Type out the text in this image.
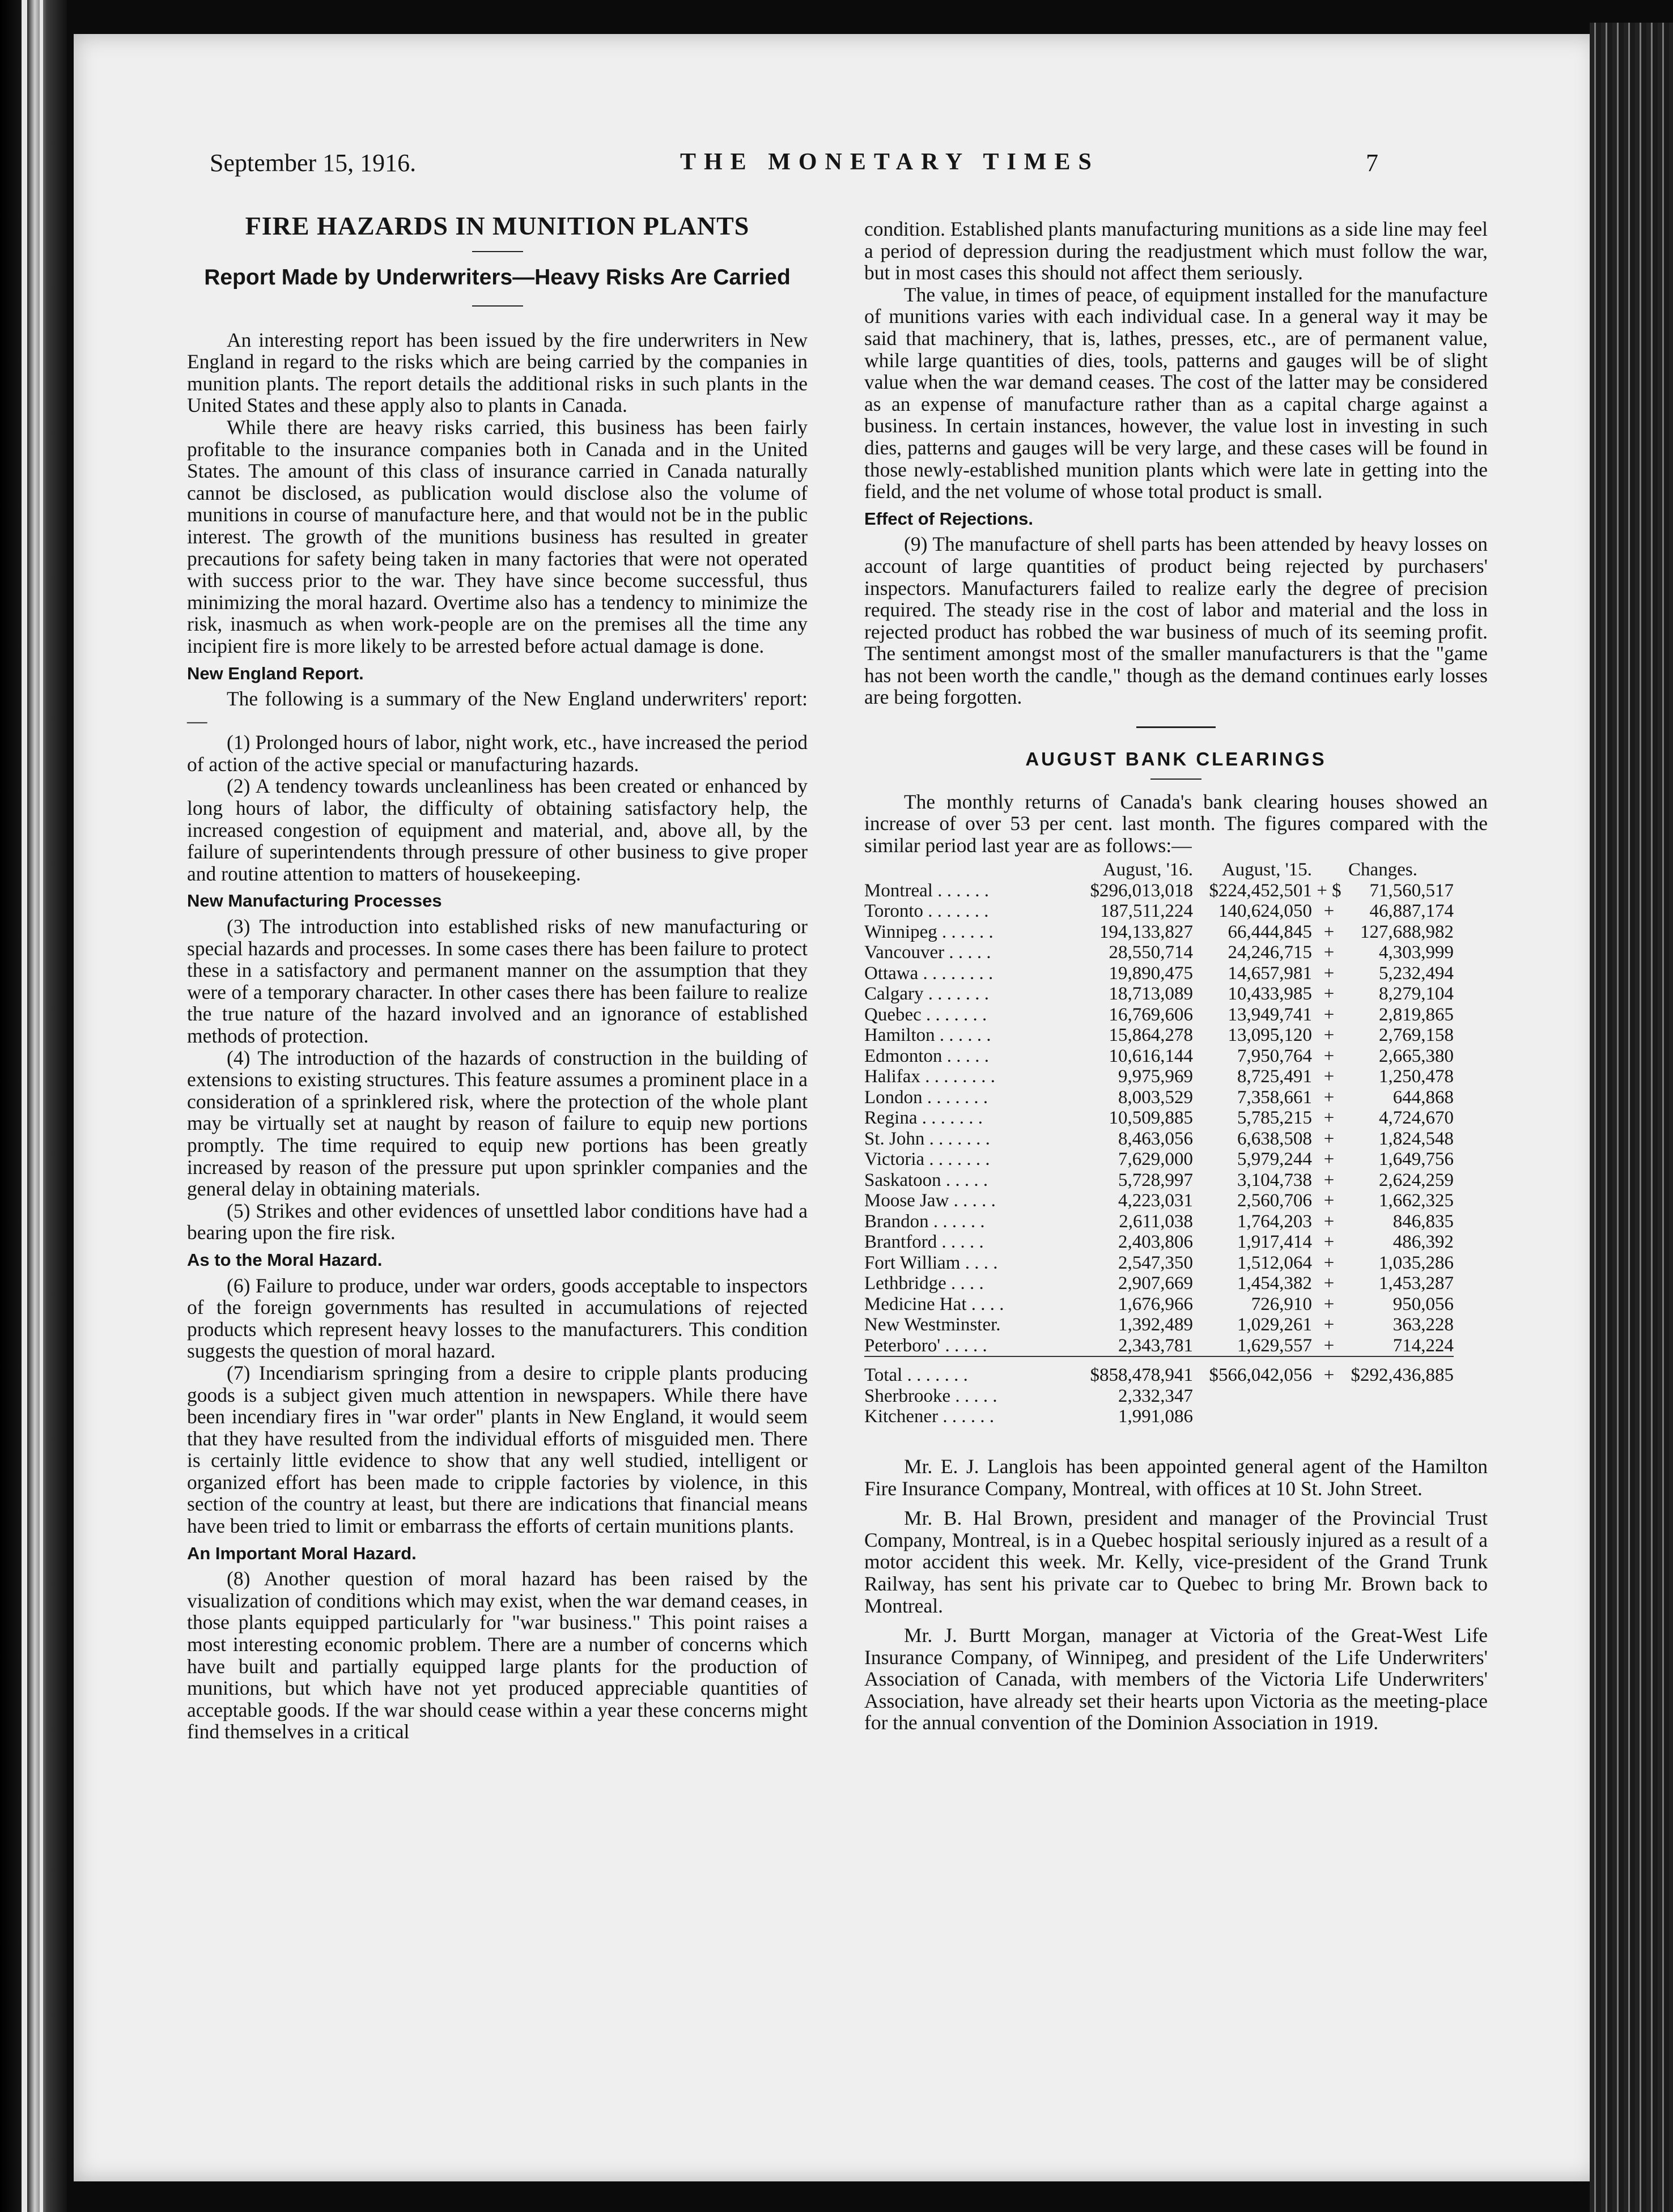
September 15, 1916.	THE MONETARY TIMES	7
FIRE HAZARDS IN MUNITION PLANTS
Report Made by Underwriters—Heavy Risks Are Carried

An interesting report has been issued by the fire underwriters in New England in regard to the risks which are being carried by the companies in munition plants. The report details the additional risks in such plants in the United States and these apply also to plants in Canada.

While there are heavy risks carried, this business has been fairly profitable to the insurance companies both in Canada and in the United States. The amount of this class of insurance carried in Canada naturally cannot be disclosed, as publication would disclose also the volume of munitions in course of manufacture here, and that would not be in the public interest. The growth of the munitions business has resulted in greater precautions for safety being taken in many factories that were not operated with success prior to the war. They have since become successful, thus minimizing the moral hazard. Overtime also has a tendency to minimize the risk, inasmuch as when work-people are on the premises all the time any incipient fire is more likely to be arrested before actual damage is done.

New England Report.

The following is a summary of the New England underwriters' report:—

(1) Prolonged hours of labor, night work, etc., have increased the period of action of the active special or manufacturing hazards.

(2) A tendency towards uncleanliness has been created or enhanced by long hours of labor, the difficulty of obtaining satisfactory help, the increased congestion of equipment and material, and, above all, by the failure of superintendents through pressure of other business to give proper and routine attention to matters of housekeeping.

New Manufacturing Processes

(3) The introduction into established risks of new manufacturing or special hazards and processes. In some cases there has been failure to protect these in a satisfactory and permanent manner on the assumption that they were of a temporary character. In other cases there has been failure to realize the true nature of the hazard involved and an ignorance of established methods of protection.

(4) The introduction of the hazards of construction in the building of extensions to existing structures. This feature assumes a prominent place in a consideration of a sprinklered risk, where the protection of the whole plant may be virtually set at naught by reason of failure to equip new portions promptly. The time required to equip new portions has been greatly increased by reason of the pressure put upon sprinkler companies and the general delay in obtaining materials.

(5) Strikes and other evidences of unsettled labor conditions have had a bearing upon the fire risk.

As to the Moral Hazard.

(6) Failure to produce, under war orders, goods acceptable to inspectors of the foreign governments has resulted in accumulations of rejected products which represent heavy losses to the manufacturers. This condition suggests the question of moral hazard.

(7) Incendiarism springing from a desire to cripple plants producing goods is a subject given much attention in newspapers. While there have been incendiary fires in "war order" plants in New England, it would seem that they have resulted from the individual efforts of misguided men. There is certainly little evidence to show that any well studied, intelligent or organized effort has been made to cripple factories by violence, in this section of the country at least, but there are indications that financial means have been tried to limit or embarrass the efforts of certain munitions plants.

An Important Moral Hazard.

(8) Another question of moral hazard has been raised by the visualization of conditions which may exist, when the war demand ceases, in those plants equipped particularly for "war business." This point raises a most interesting economic problem. There are a number of concerns which have built and partially equipped large plants for the production of munitions, but which have not yet produced appreciable quantities of acceptable goods. If the war should cease within a year these concerns might find themselves in a critical

condition. Established plants manufacturing munitions as a side line may feel a period of depression during the readjustment which must follow the war, but in most cases this should not affect them seriously.

The value, in times of peace, of equipment installed for the manufacture of munitions varies with each individual case. In a general way it may be said that machinery, that is, lathes, presses, etc., are of permanent value, while large quantities of dies, tools, patterns and gauges will be of slight value when the war demand ceases. The cost of the latter may be considered as an expense of manufacture rather than as a capital charge against a business. In certain instances, however, the value lost in investing in such dies, patterns and gauges will be very large, and these cases will be found in those newly-established munition plants which were late in getting into the field, and the net volume of whose total product is small.

Effect of Rejections.

(9) The manufacture of shell parts has been attended by heavy losses on account of large quantities of product being rejected by purchasers' inspectors. Manufacturers failed to realize early the degree of precision required. The steady rise in the cost of labor and material and the loss in rejected product has robbed the war business of much of its seeming profit. The sentiment amongst most of the smaller manufacturers is that the "game has not been worth the candle," though as the demand continues early losses are being forgotten.

AUGUST BANK CLEARINGS

The monthly returns of Canada's bank clearing houses showed an increase of over 53 per cent. last month. The figures compared with the similar period last year are as follows:—

	August, '16.	August, '15.	Changes.	
Montreal . . . . . .	$296,013,018	$224,452,501	+ $	71,560,517
Toronto . . . . . . .	187,511,224	140,624,050	+	46,887,174
Winnipeg . . . . . .	194,133,827	66,444,845	+	127,688,982
Vancouver . . . . .	28,550,714	24,246,715	+	4,303,999
Ottawa . . . . . . . .	19,890,475	14,657,981	+	5,232,494
Calgary . . . . . . .	18,713,089	10,433,985	+	8,279,104
Quebec . . . . . . .	16,769,606	13,949,741	+	2,819,865
Hamilton . . . . . .	15,864,278	13,095,120	+	2,769,158
Edmonton . . . . .	10,616,144	7,950,764	+	2,665,380
Halifax . . . . . . . .	9,975,969	8,725,491	+	1,250,478
London . . . . . . .	8,003,529	7,358,661	+	644,868
Regina . . . . . . .	10,509,885	5,785,215	+	4,724,670
St. John . . . . . . .	8,463,056	6,638,508	+	1,824,548
Victoria . . . . . . .	7,629,000	5,979,244	+	1,649,756
Saskatoon . . . . .	5,728,997	3,104,738	+	2,624,259
Moose Jaw . . . . .	4,223,031	2,560,706	+	1,662,325
Brandon . . . . . .	2,611,038	1,764,203	+	846,835
Brantford . . . . .	2,403,806	1,917,414	+	486,392
Fort William . . . .	2,547,350	1,512,064	+	1,035,286
Lethbridge . . . .	2,907,669	1,454,382	+	1,453,287
Medicine Hat . . . .	1,676,966	726,910	+	950,056
New Westminster.	1,392,489	1,029,261	+	363,228
Peterboro' . . . . .	2,343,781	1,629,557	+	714,224
Total . . . . . . .	$858,478,941	$566,042,056	+	$292,436,885
Sherbrooke . . . . .	2,332,347			
Kitchener . . . . . .	1,991,086			

Mr. E. J. Langlois has been appointed general agent of the Hamilton Fire Insurance Company, Montreal, with offices at 10 St. John Street.

Mr. B. Hal Brown, president and manager of the Provincial Trust Company, Montreal, is in a Quebec hospital seriously injured as a result of a motor accident this week. Mr. Kelly, vice-president of the Grand Trunk Railway, has sent his private car to Quebec to bring Mr. Brown back to Montreal.

Mr. J. Burtt Morgan, manager at Victoria of the Great-West Life Insurance Company, of Winnipeg, and president of the Life Underwriters' Association of Canada, with members of the Victoria Life Underwriters' Association, have already set their hearts upon Victoria as the meeting-place for the annual convention of the Dominion Association in 1919.
